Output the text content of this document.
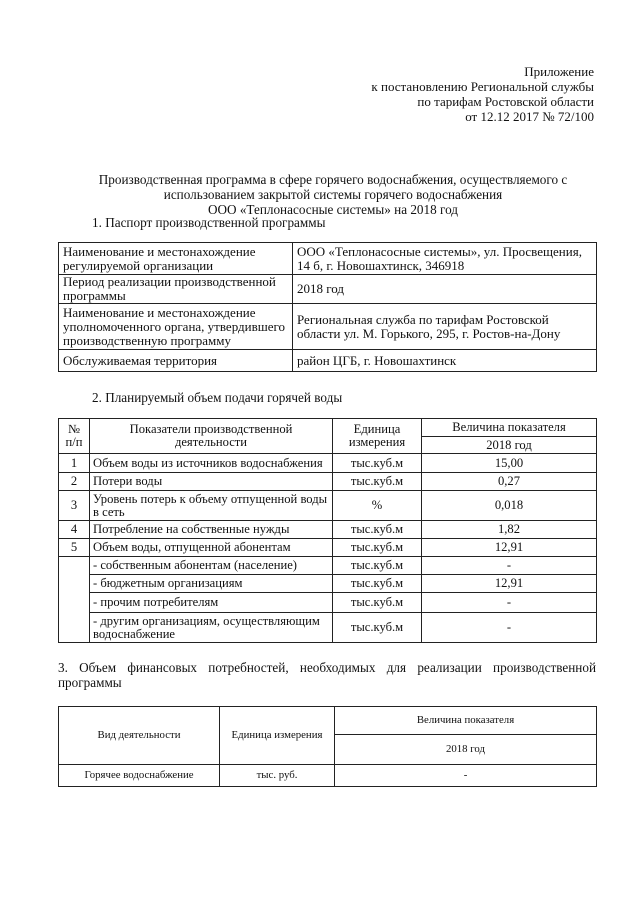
Приложение
к постановлению Региональной службы
по тарифам Ростовской области
от 12.12 2017 № 72/100
Производственная программа в сфере горячего водоснабжения, осуществляемого с
использованием закрытой системы горячего водоснабжения
ООО «Теплонасосные системы» на 2018 год
1. Паспорт производственной программы
Наименование и местонахождение регулируемой организации	ООО «Теплонасосные системы», ул. Просвещения, 14 б, г. Новошахтинск, 346918
Период реализации производственной программы	2018 год
Наименование и местонахождение уполномоченного органа, утвердившего производственную программу	Региональная служба по тарифам Ростовской области ул. М. Горького, 295, г. Ростов-на-Дону
Обслуживаемая территория	район ЦГБ, г. Новошахтинск
2. Планируемый объем подачи горячей воды
№ п/п	Показатели производственной деятельности	Единица измерения	Величина показателя
			2018 год
1	Объем воды из источников водоснабжения	тыс.куб.м	15,00
2	Потери воды	тыс.куб.м	0,27
3	Уровень потерь к объему отпущенной воды в сеть	%	0,018
4	Потребление на собственные нужды	тыс.куб.м	1,82
5	Объем воды, отпущенной абонентам	тыс.куб.м	12,91
	- собственным абонентам (население)	тыс.куб.м	-
	- бюджетным организациям	тыс.куб.м	12,91
	- прочим потребителям	тыс.куб.м	-
	- другим организациям, осуществляющим водоснабжение	тыс.куб.м	-
3. Объем финансовых потребностей, необходимых для реализации производственной программы
Вид деятельности	Единица измерения	Величина показателя
		2018 год
Горячее водоснабжение	тыс. руб.	-
